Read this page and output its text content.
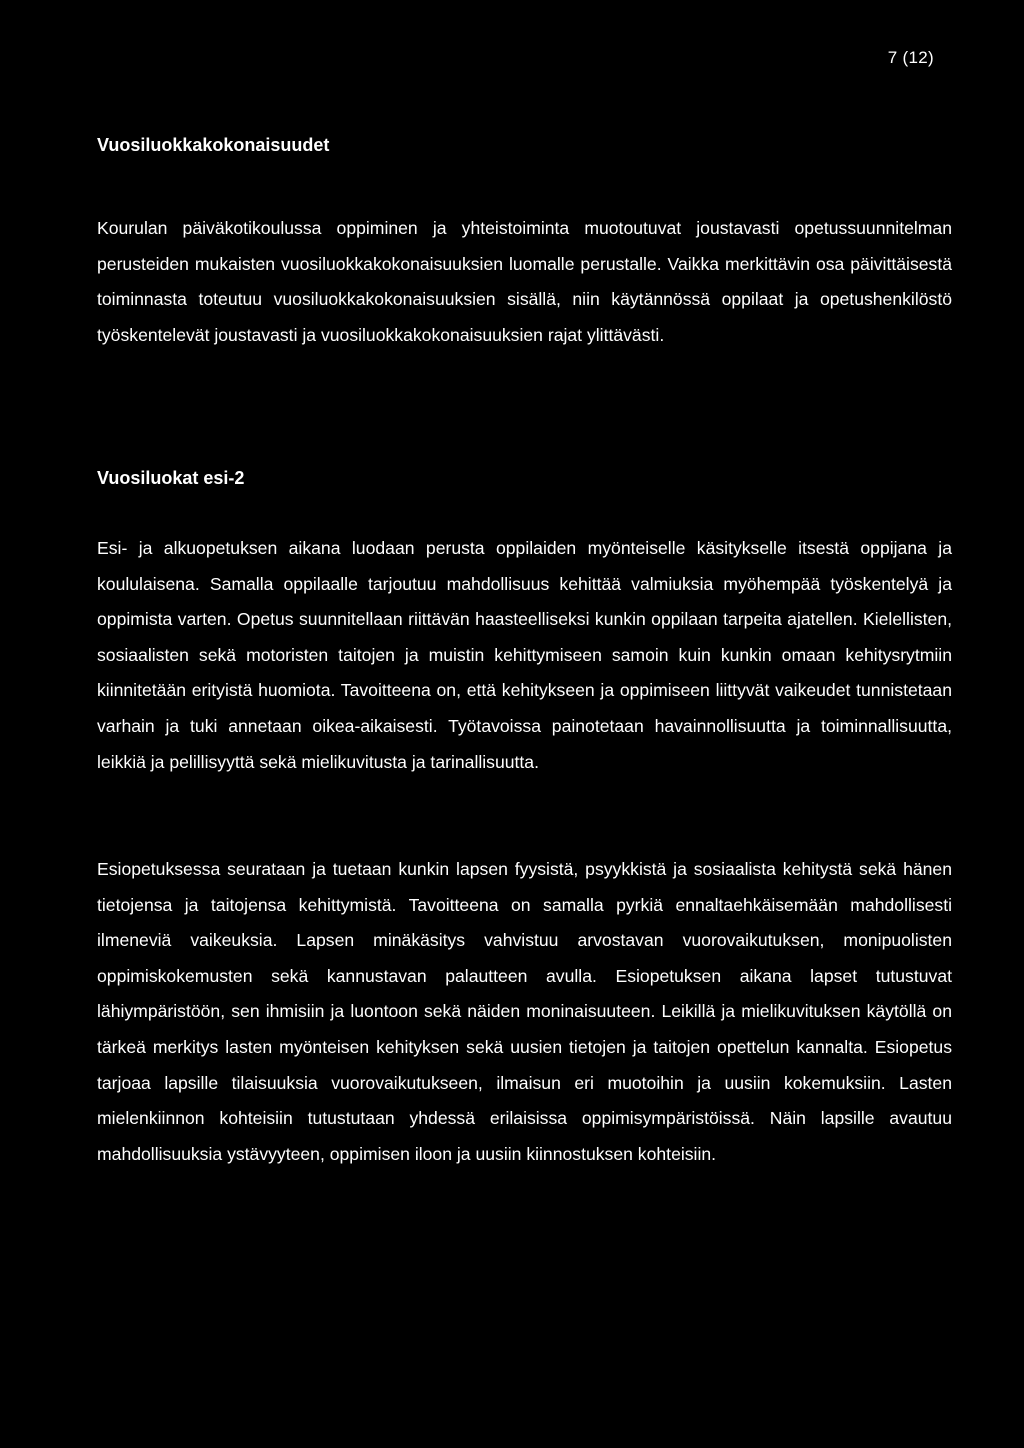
7 (12)
Vuosiluokkakokonaisuudet

Kourulan päiväkotikoulussa oppiminen ja yhteistoiminta muotoutuvat joustavasti opetussuunnitelman perusteiden mukaisten vuosiluokkakokonaisuuksien luomalle perustalle. Vaikka merkittävin osa päivittäisestä toiminnasta toteutuu vuosiluokkakokonaisuuksien sisällä, niin käytännössä oppilaat ja opetushenkilöstö työskentelevät joustavasti ja vuosiluokkakokonaisuuksien rajat ylittävästi.

Vuosiluokat esi-2

Esi- ja alkuopetuksen aikana luodaan perusta oppilaiden myönteiselle käsitykselle itsestä oppijana ja koululaisena. Samalla oppilaalle tarjoutuu mahdollisuus kehittää valmiuksia myöhempää työskentelyä ja oppimista varten. Opetus suunnitellaan riittävän haasteelliseksi kunkin oppilaan tarpeita ajatellen. Kielellisten, sosiaalisten sekä motoristen taitojen ja muistin kehittymiseen samoin kuin kunkin omaan kehitysrytmiin kiinnitetään erityistä huomiota. Tavoitteena on, että kehitykseen ja oppimiseen liittyvät vaikeudet tunnistetaan varhain ja tuki annetaan oikea-aikaisesti. Työtavoissa painotetaan havainnollisuutta ja toiminnallisuutta, leikkiä ja pelillisyyttä sekä mielikuvitusta ja tarinallisuutta.

Esiopetuksessa seurataan ja tuetaan kunkin lapsen fyysistä, psyykkistä ja sosiaalista kehitystä sekä hänen tietojensa ja taitojensa kehittymistä. Tavoitteena on samalla pyrkiä ennaltaehkäisemään mahdollisesti ilmeneviä vaikeuksia. Lapsen minäkäsitys vahvistuu arvostavan vuorovaikutuksen, monipuolisten oppimiskokemusten sekä kannustavan palautteen avulla. Esiopetuksen aikana lapset tutustuvat lähiympäristöön, sen ihmisiin ja luontoon sekä näiden moninaisuuteen. Leikillä ja mielikuvituksen käytöllä on tärkeä merkitys lasten myönteisen kehityksen sekä uusien tietojen ja taitojen opettelun kannalta. Esiopetus tarjoaa lapsille tilaisuuksia vuorovaikutukseen, ilmaisun eri muotoihin ja uusiin kokemuksiin. Lasten mielenkiinnon kohteisiin tutustutaan yhdessä erilaisissa oppimisympäristöissä. Näin lapsille avautuu mahdollisuuksia ystävyyteen, oppimisen iloon ja uusiin kiinnostuksen kohteisiin.
